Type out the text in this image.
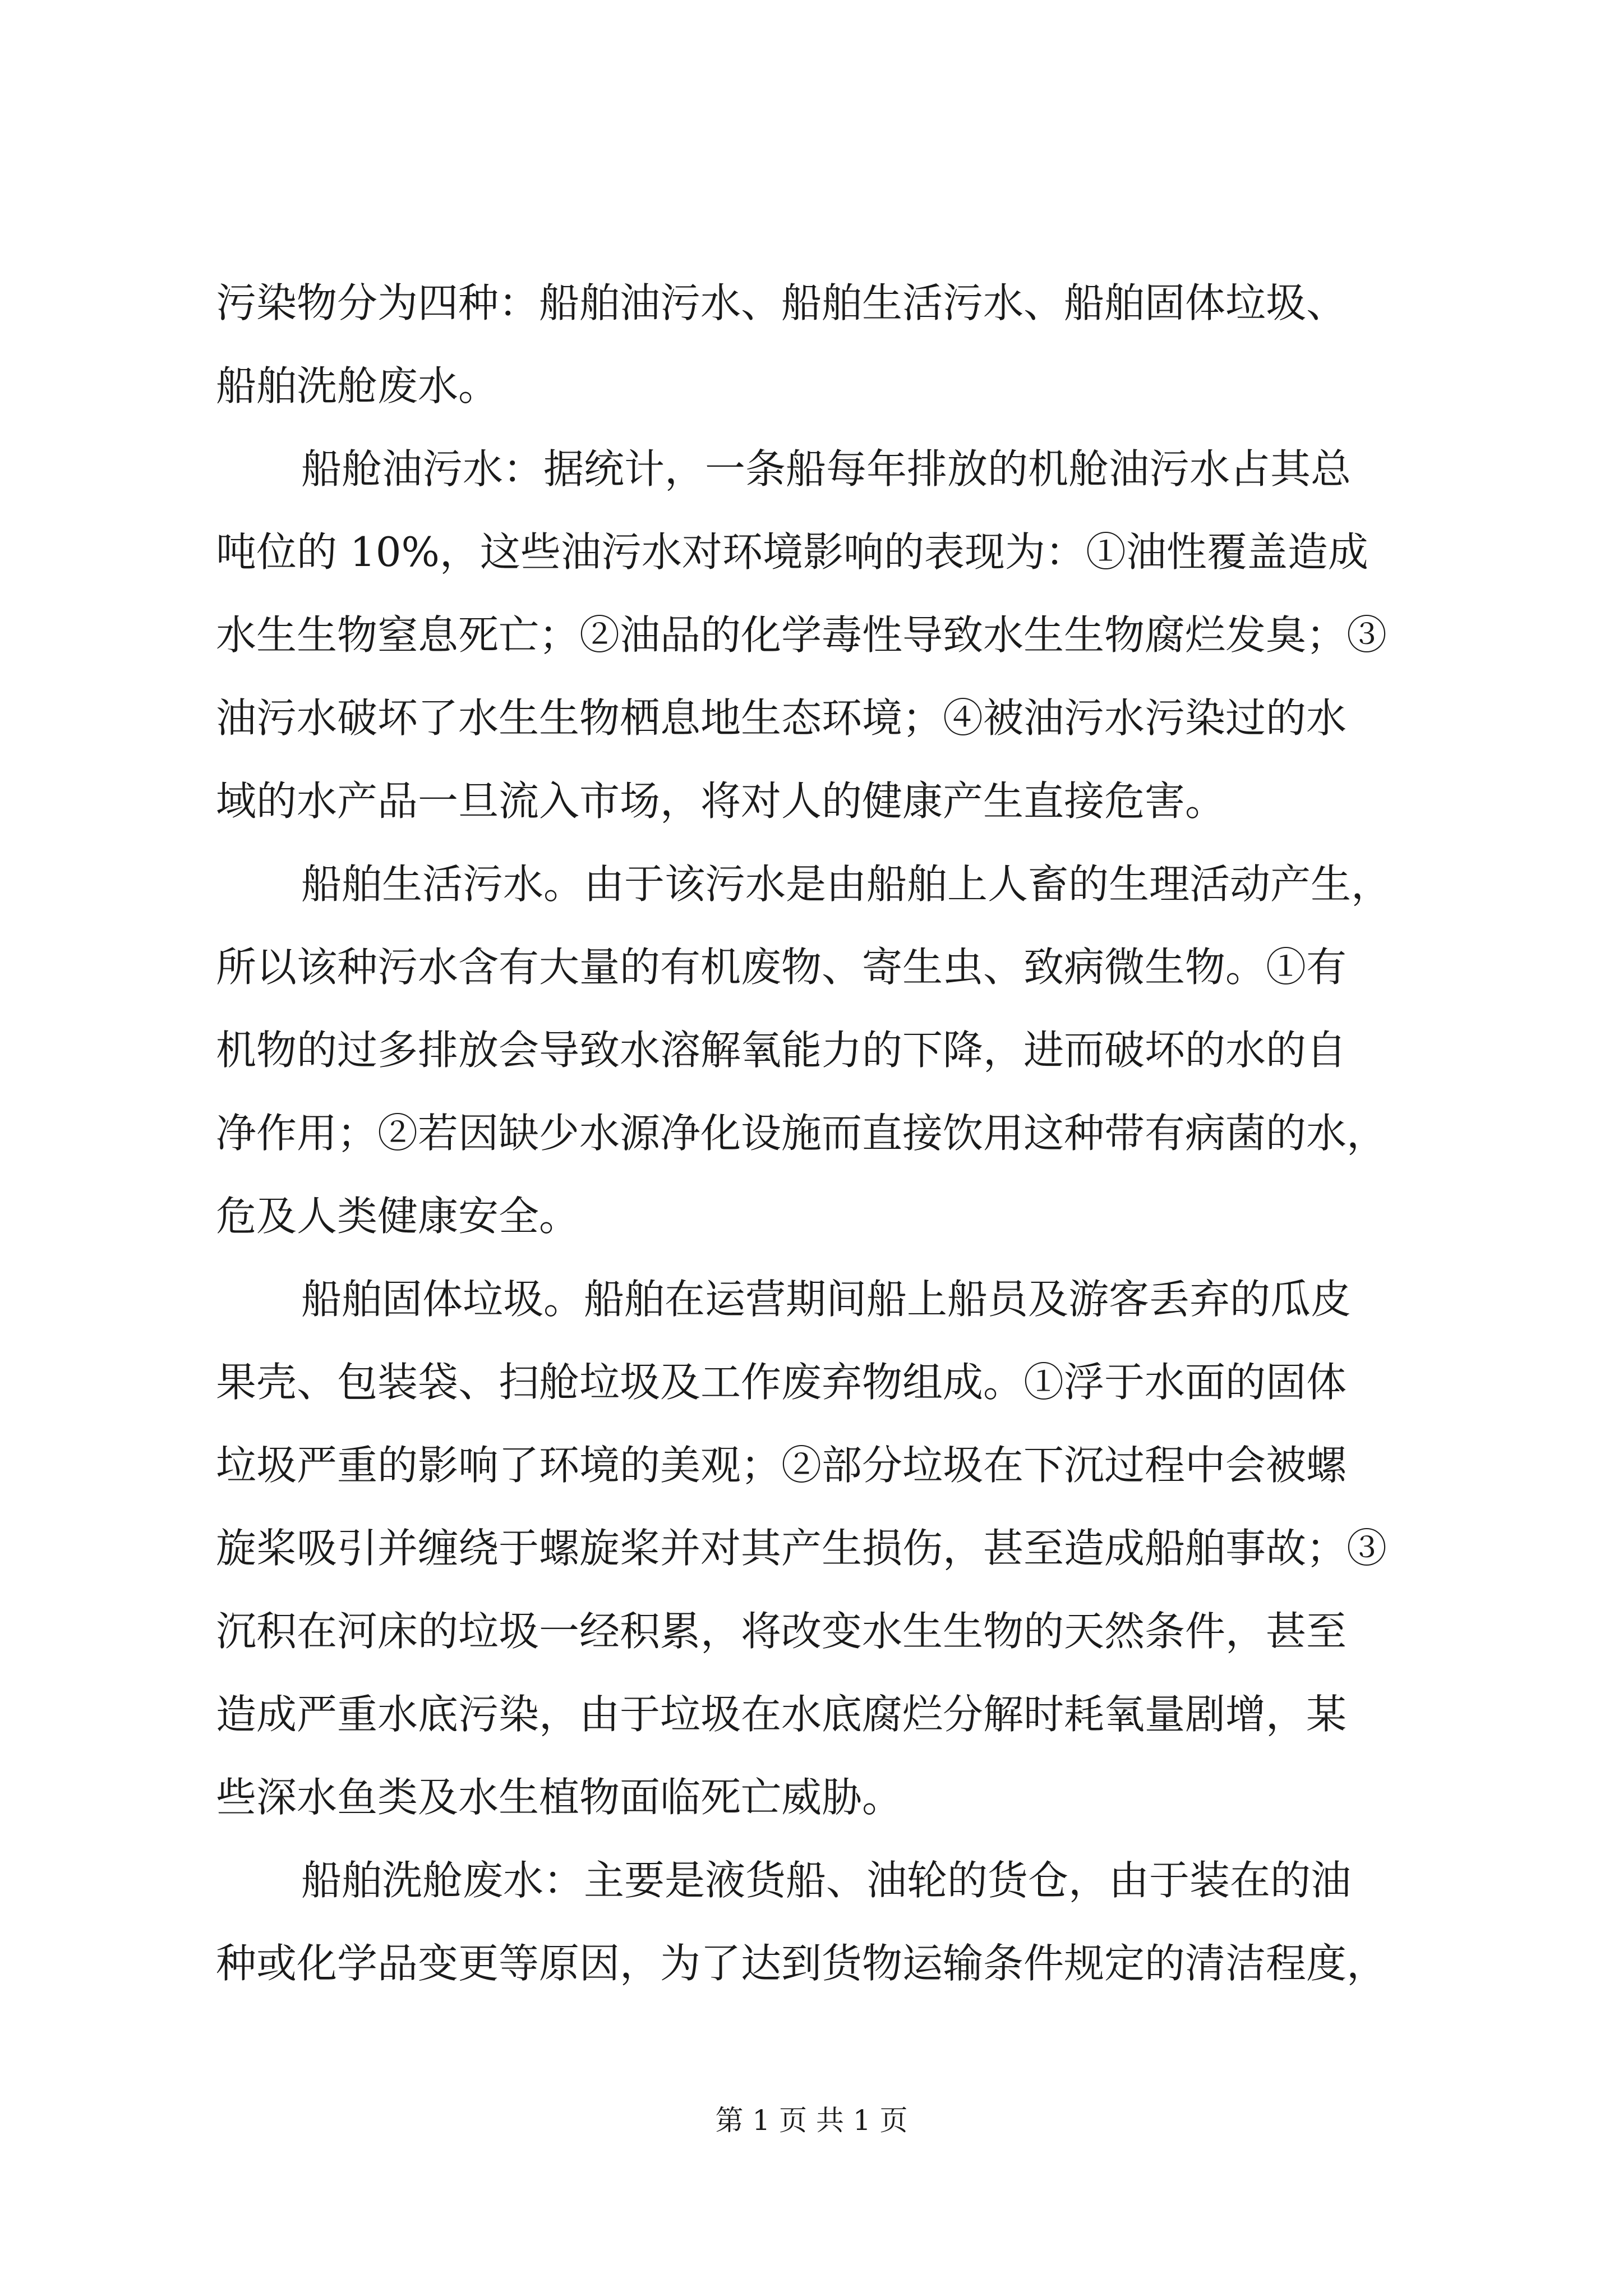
污染物分为四种：船舶油污水、船舶生活污水、船舶固体垃圾、
船舶洗舱废水。
船舱油污水：据统计，一条船每年排放的机舱油污水占其总
吨位的 10%，这些油污水对环境影响的表现为：①油性覆盖造成
水生生物窒息死亡；②油品的化学毒性导致水生生物腐烂发臭；③
油污水破坏了水生生物栖息地生态环境；④被油污水污染过的水
域的水产品一旦流入市场，将对人的健康产生直接危害。
船舶生活污水。由于该污水是由船舶上人畜的生理活动产生，
所以该种污水含有大量的有机废物、寄生虫、致病微生物。①有
机物的过多排放会导致水溶解氧能力的下降，进而破坏的水的自
净作用；②若因缺少水源净化设施而直接饮用这种带有病菌的水，
危及人类健康安全。
船舶固体垃圾。船舶在运营期间船上船员及游客丢弃的瓜皮
果壳、包装袋、扫舱垃圾及工作废弃物组成。①浮于水面的固体
垃圾严重的影响了环境的美观；②部分垃圾在下沉过程中会被螺
旋桨吸引并缠绕于螺旋桨并对其产生损伤，甚至造成船舶事故；③
沉积在河床的垃圾一经积累，将改变水生生物的天然条件，甚至
造成严重水底污染，由于垃圾在水底腐烂分解时耗氧量剧增，某
些深水鱼类及水生植物面临死亡威胁。
船舶洗舱废水：主要是液货船、油轮的货仓，由于装在的油
种或化学品变更等原因，为了达到货物运输条件规定的清洁程度，
第 1 页 共 1 页
